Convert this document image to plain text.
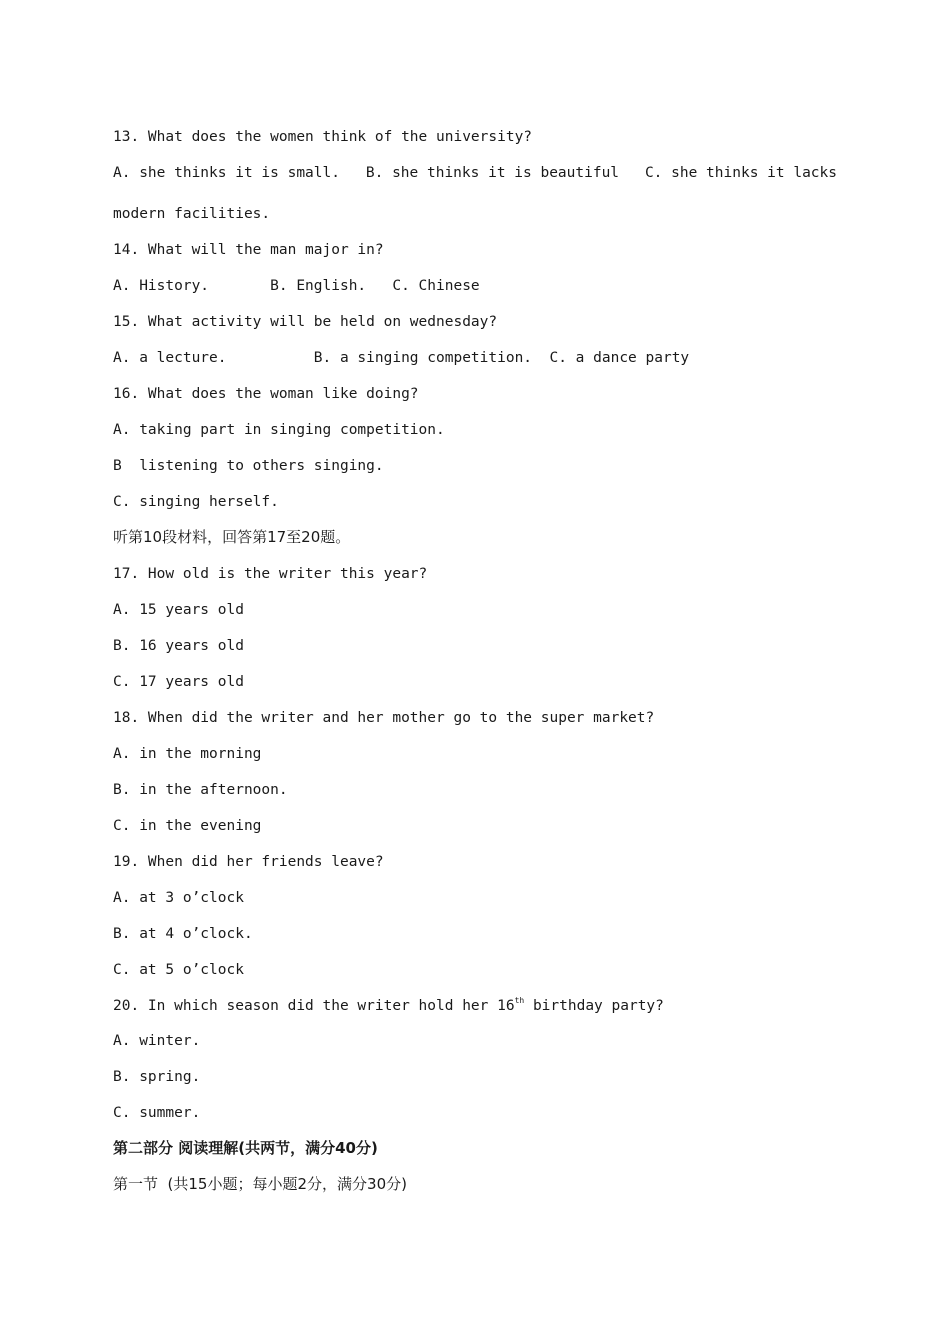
13. What does the women think of the university?
A. she thinks it is small. B. she thinks it is beautiful C. she thinks it lacks
modern facilities.
14. What will the man major in?
A. History.       B. English.   C. Chinese
15. What activity will be held on wednesday?
A. a lecture.          B. a singing competition.  C. a dance party
16. What does the woman like doing?
A. taking part in singing competition.
B  listening to others singing.
C. singing herself.
听第10段材料，回答第17至20题。
17. How old is the writer this year?
A. 15 years old
B. 16 years old
C. 17 years old
18. When did the writer and her mother go to the super market?
A. in the morning
B. in the afternoon.
C. in the evening
19. When did her friends leave?
A. at 3 o’clock
B. at 4 o’clock.
C. at 5 o’clock
20. In which season did the writer hold her 16th birthday party?
A. winter.
B. spring.
C. summer.
第二部分 阅读理解(共两节，满分40分)
第一节  (共15小题；每小题2分，满分30分)
